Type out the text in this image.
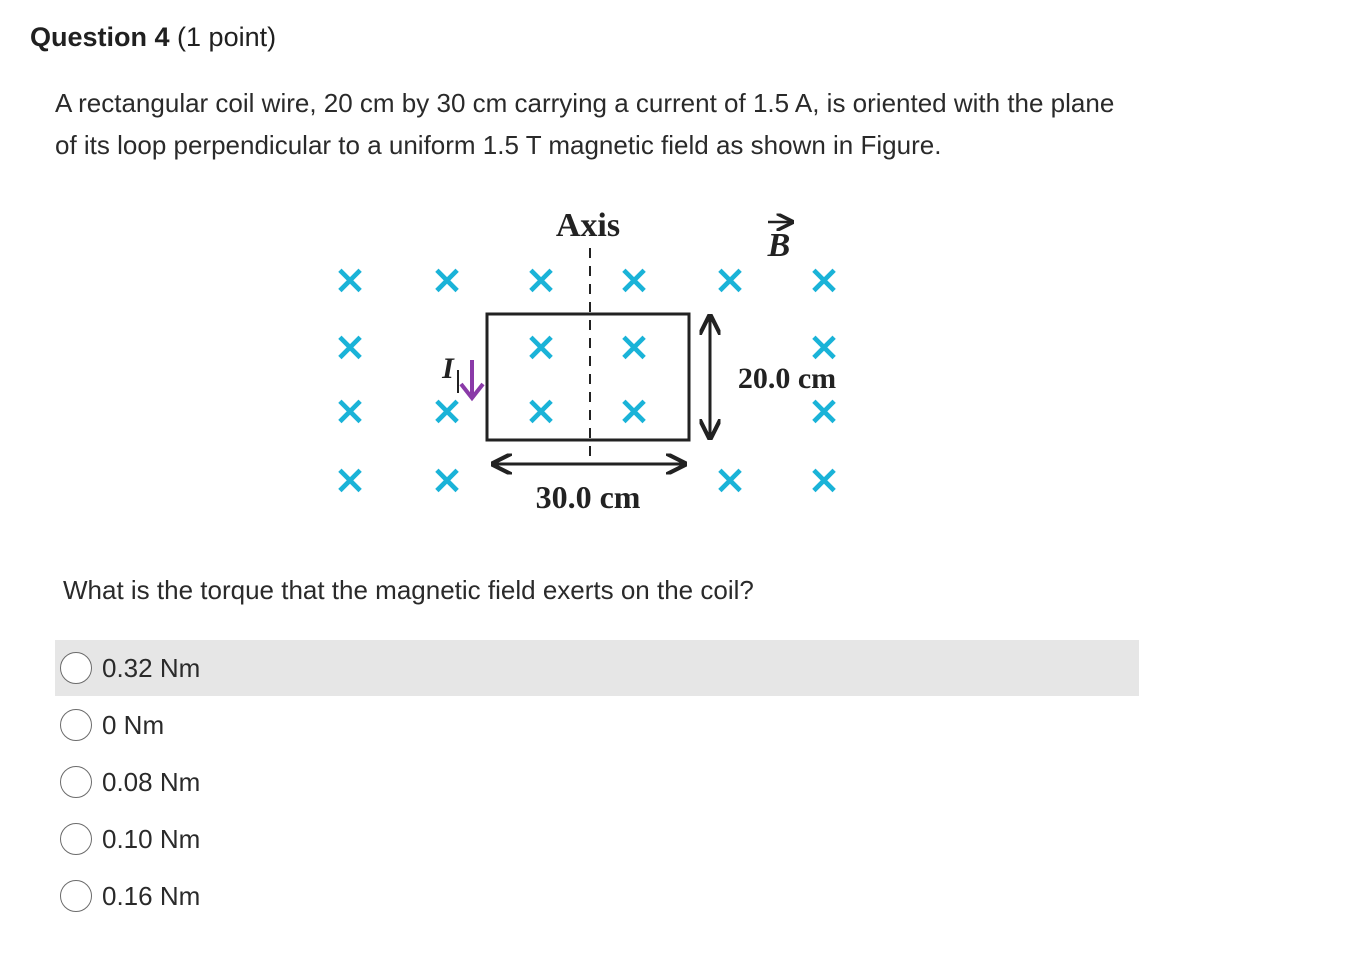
Question 4 (1 point)
A rectangular coil wire, 20 cm by 30 cm carrying a current of 1.5 A, is oriented with the plane of its loop perpendicular to a uniform 1.5 T magnetic field as shown in Figure.
Axis
B
20.0 cm
30.0 cm
I
× × × × × ×
×	× ×	×
× × × ×	×
× ×	× ×
What is the torque that the magnetic field exerts on the coil?
0.32 Nm
0 Nm
0.08 Nm
0.10 Nm
0.16 Nm
